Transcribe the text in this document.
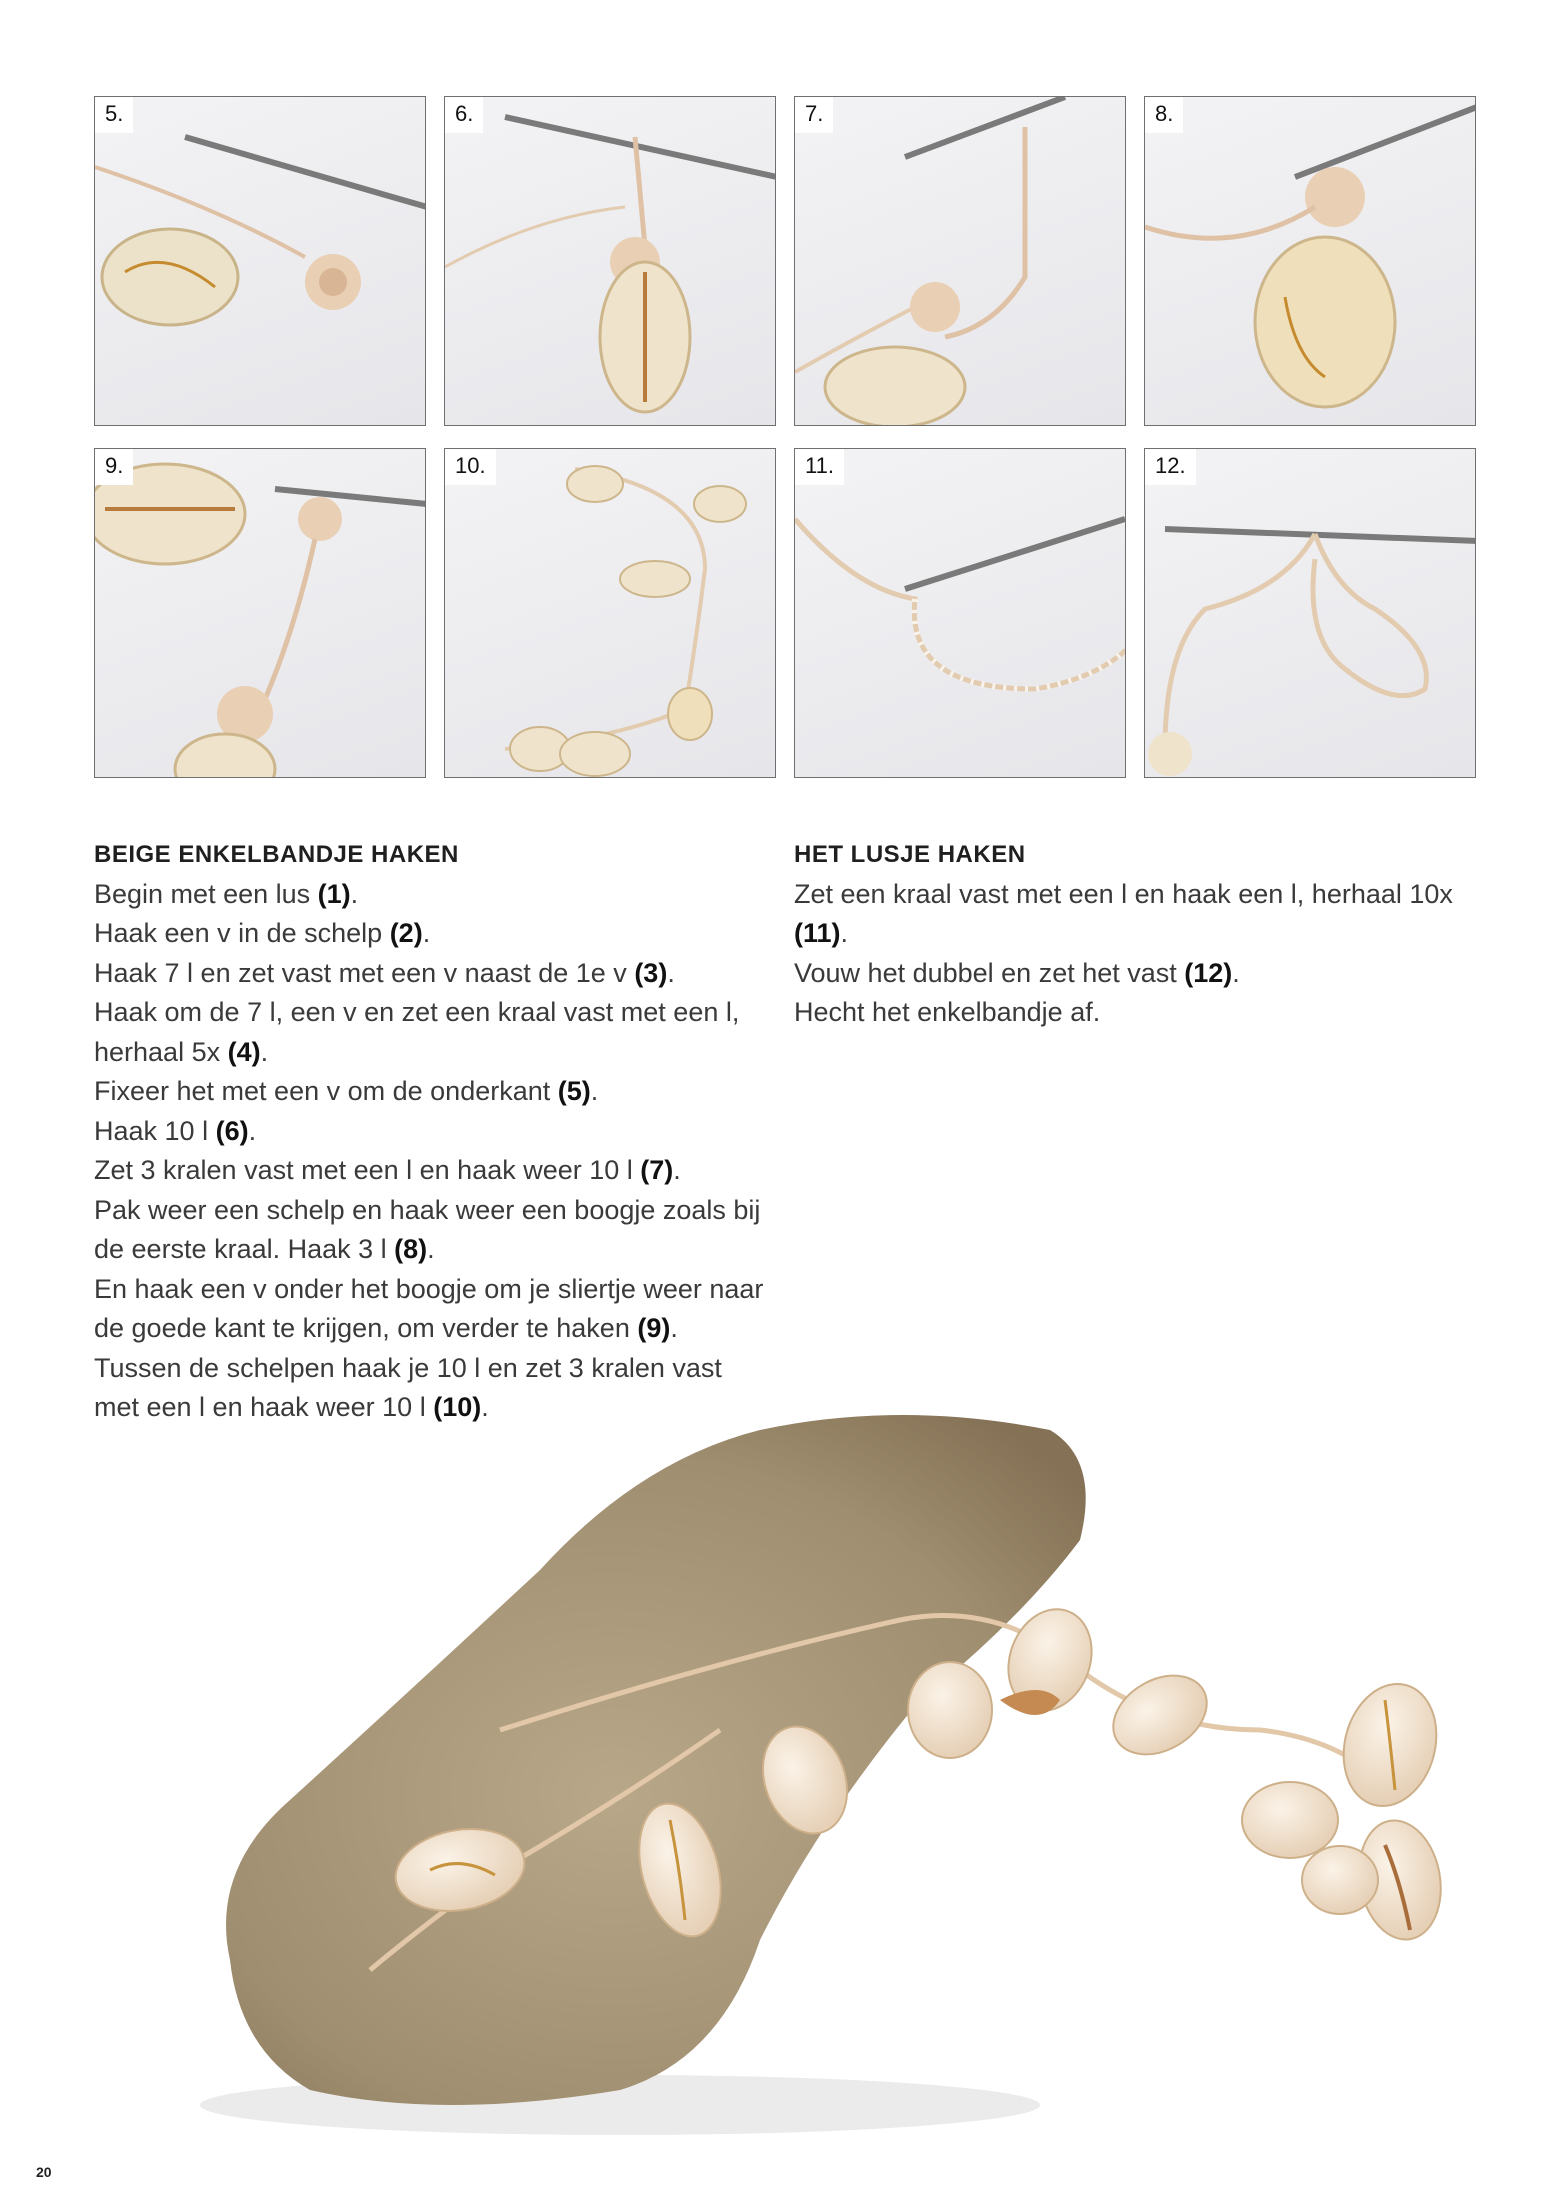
5.	6.	7.	8.
9.	10.	11.	12.
BEIGE ENKELBANDJE HAKEN

Begin met een lus (1).

Haak een v in de schelp (2).

Haak 7 l en zet vast met een v naast de 1e v (3).

Haak om de 7 l, een v en zet een kraal vast met een l, herhaal 5x (4).

Fixeer het met een v om de onderkant (5).

Haak 10 l (6).

Zet 3 kralen vast met een l en haak weer 10 l (7).

Pak weer een schelp en haak weer een boogje zoals bij de eerste kraal. Haak 3 l (8).

En haak een v onder het boogje om je sliertje weer naar de goede kant te krijgen, om verder te haken (9).

Tussen de schelpen haak je 10 l en zet 3 kralen vast met een l en haak weer 10 l (10).

HET LUSJE HAKEN

Zet een kraal vast met een l en haak een l, herhaal 10x (11).

Vouw het dubbel en zet het vast (12).

Hecht het enkelbandje af.

20
